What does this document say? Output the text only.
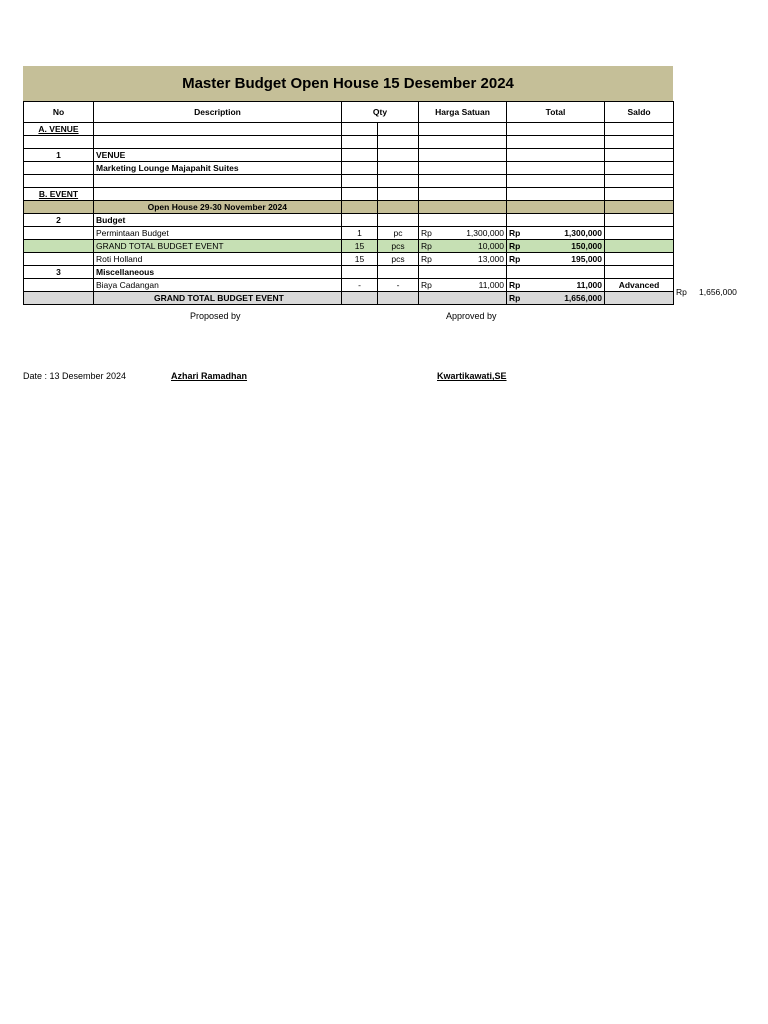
Master Budget Open House 15 Desember 2024
No	Description	Qty		Harga Satuan	Total	Saldo
A. VENUE						

1	VENUE					
	Marketing Lounge Majapahit Suites					

B. EVENT						
	Open House 29-30 November 2024					
2	Budget					
	Permintaan Budget	1	pc	Rp 1,300,000	Rp 1,300,000	

	GRAND TOTAL BUDGET EVENT	15	pcs	Rp 10,000	Rp 150,000	

	Roti Holland	15	pcs	Rp 13,000	Rp 195,000	

3	Miscellaneous					
	Biaya Cadangan	-	-	Rp 11,000	Rp 11,000	Advanced
	GRAND TOTAL BUDGET EVENT				Rp 1,656,000	

Rp 1,656,000
Proposed by	Approved by
Date : 13 Desember 2024	Azhari Ramadhan	Kwartikawati,SE
